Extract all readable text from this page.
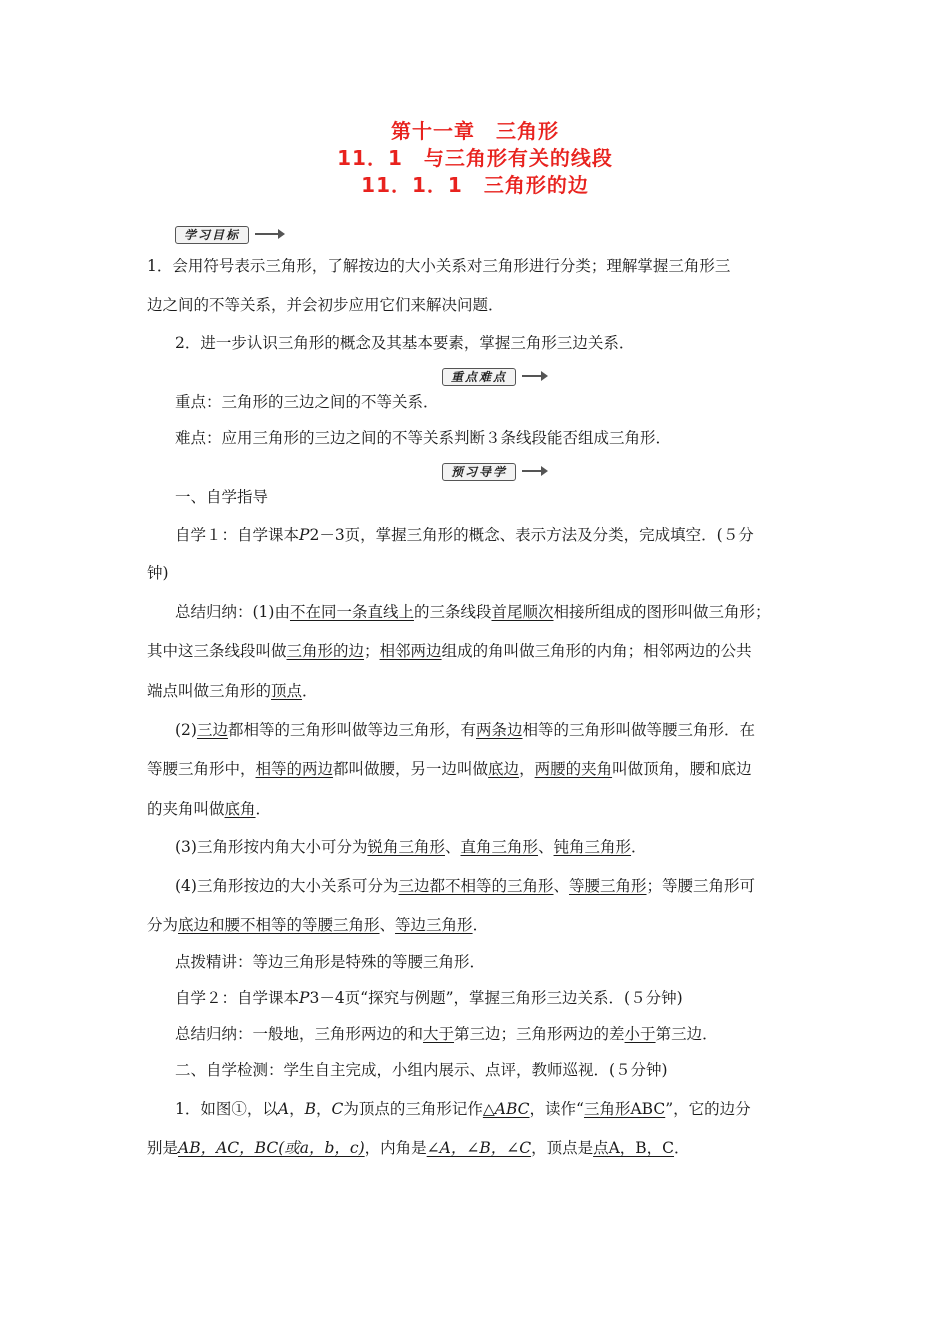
第十一章　三角形
11．1　与三角形有关的线段
11．1．1　三角形的边
学习目标
1．会用符号表示三角形，了解按边的大小关系对三角形进行分类；理解掌握三角形三
边之间的不等关系，并会初步应用它们来解决问题．
2．进一步认识三角形的概念及其基本要素，掌握三角形三边关系．
重点难点
重点：三角形的三边之间的不等关系．
难点：应用三角形的三边之间的不等关系判断３条线段能否组成三角形．
预习导学
一、自学指导
自学１：自学课本P2－3页，掌握三角形的概念、表示方法及分类，完成填空．(５分
钟)
总结归纳：(1)由不在同一条直线上的三条线段首尾顺次相接所组成的图形叫做三角形；
其中这三条线段叫做三角形的边；相邻两边组成的角叫做三角形的内角；相邻两边的公共
端点叫做三角形的顶点．
(2)三边都相等的三角形叫做等边三角形，有两条边相等的三角形叫做等腰三角形．在
等腰三角形中，相等的两边都叫做腰，另一边叫做底边，两腰的夹角叫做顶角，腰和底边
的夹角叫做底角．
(3)三角形按内角大小可分为锐角三角形、直角三角形、钝角三角形．
(4)三角形按边的大小关系可分为三边都不相等的三角形、等腰三角形；等腰三角形可
分为底边和腰不相等的等腰三角形、等边三角形．
点拨精讲：等边三角形是特殊的等腰三角形．
自学２：自学课本P3－4页“探究与例题”，掌握三角形三边关系．(５分钟)
总结归纳：一般地，三角形两边的和大于第三边；三角形两边的差小于第三边．
二、自学检测：学生自主完成，小组内展示、点评，教师巡视．(５分钟)
1．如图①，以A，B，C为顶点的三角形记作△ABC，读作“三角形ABC”，它的边分
别是AB，AC，BC(或a，b，c)，内角是∠A，∠B，∠C，顶点是点A，B，C．
